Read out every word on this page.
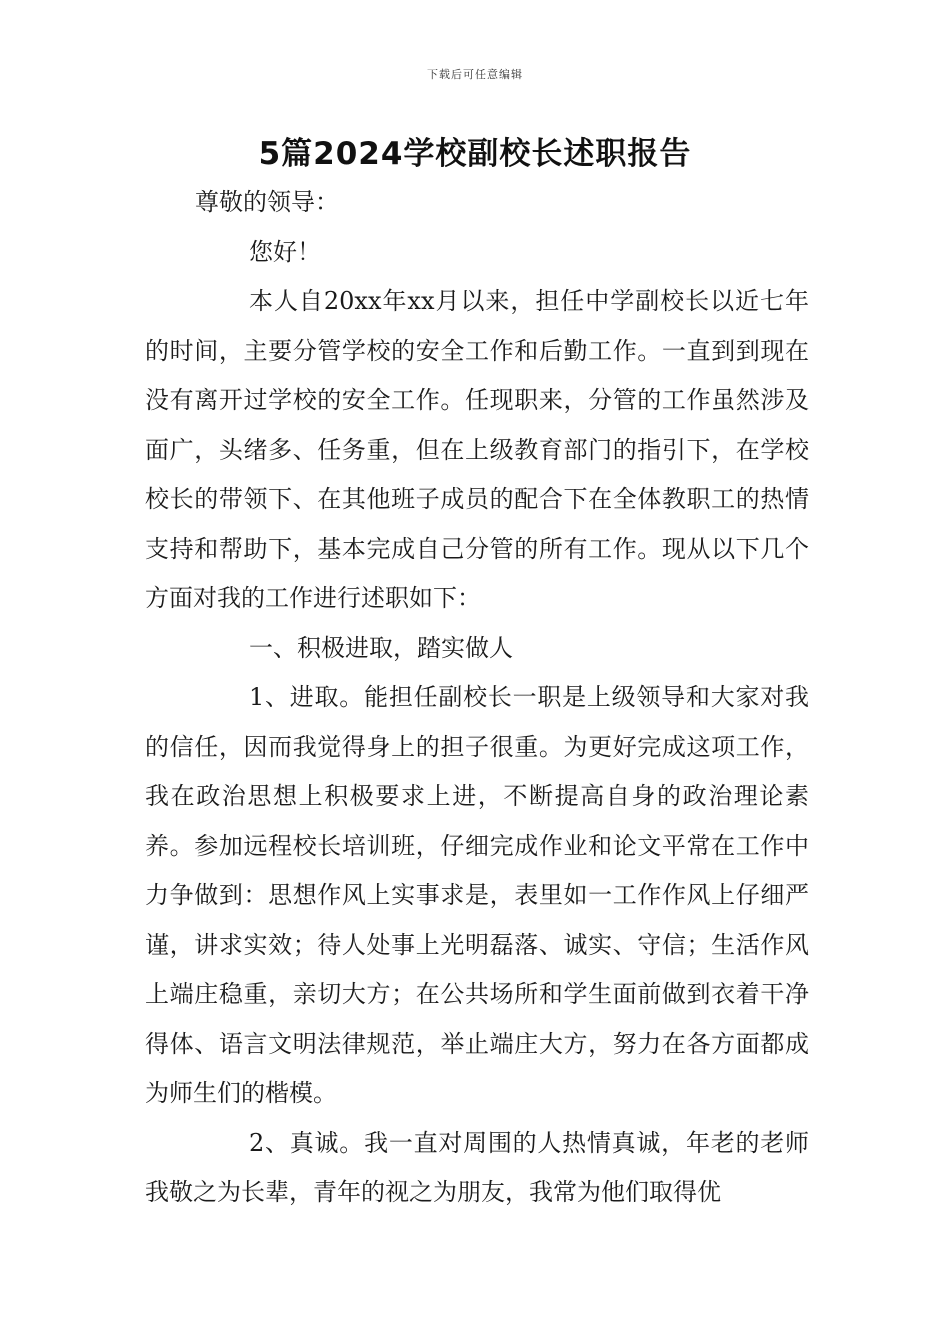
下载后可任意编辑
5篇2024学校副校长述职报告

尊敬的领导：

您好！

本人自20xx年xx月以来，担任中学副校长以近七年的时间，主要分管学校的安全工作和后勤工作。一直到到现在没有离开过学校的安全工作。任现职来，分管的工作虽然涉及面广，头绪多、任务重，但在上级教育部门的指引下，在学校校长的带领下、在其他班子成员的配合下在全体教职工的热情支持和帮助下，基本完成自己分管的所有工作。现从以下几个方面对我的工作进行述职如下：

一、积极进取，踏实做人

1、进取。能担任副校长一职是上级领导和大家对我的信任，因而我觉得身上的担子很重。为更好完成这项工作，我在政治思想上积极要求上进，不断提高自身的政治理论素养。参加远程校长培训班，仔细完成作业和论文平常在工作中力争做到：思想作风上实事求是，表里如一工作作风上仔细严谨，讲求实效；待人处事上光明磊落、诚实、守信；生活作风上端庄稳重，亲切大方；在公共场所和学生面前做到衣着干净得体、语言文明法律规范，举止端庄大方，努力在各方面都成为师生们的楷模。

2、真诚。我一直对周围的人热情真诚，年老的老师我敬之为长辈，青年的视之为朋友，我常为他们取得优
